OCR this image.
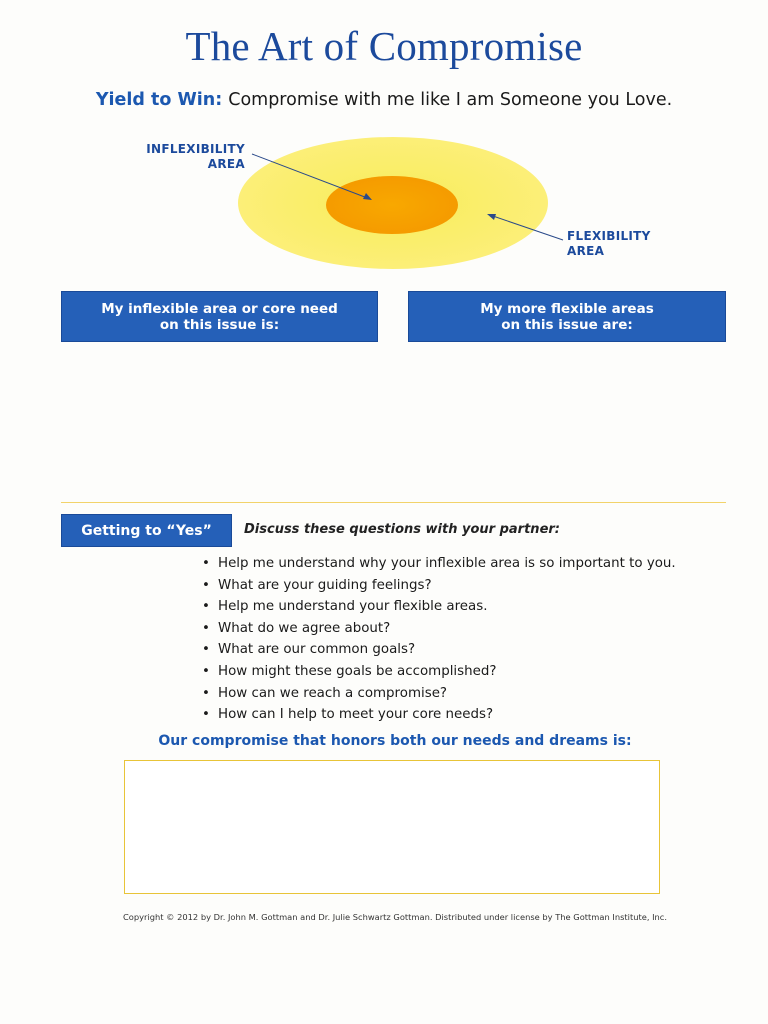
The Art of Compromise
Yield to Win: Compromise with me like I am Someone you Love.
INFLEXIBILITY
AREA
FLEXIBILITY
AREA
My inflexible area or core need
on this issue is:
My more flexible areas
on this issue are:
Getting to “Yes”	Discuss these questions with your partner:
• Help me understand why your inflexible area is so important to you.
• What are your guiding feelings?
• Help me understand your flexible areas.
• What do we agree about?
• What are our common goals?
• How might these goals be accomplished?
• How can we reach a compromise?
• How can I help to meet your core needs?
Our compromise that honors both our needs and dreams is:
Copyright © 2012 by Dr. John M. Gottman and Dr. Julie Schwartz Gottman. Distributed under license by The Gottman Institute, Inc.
